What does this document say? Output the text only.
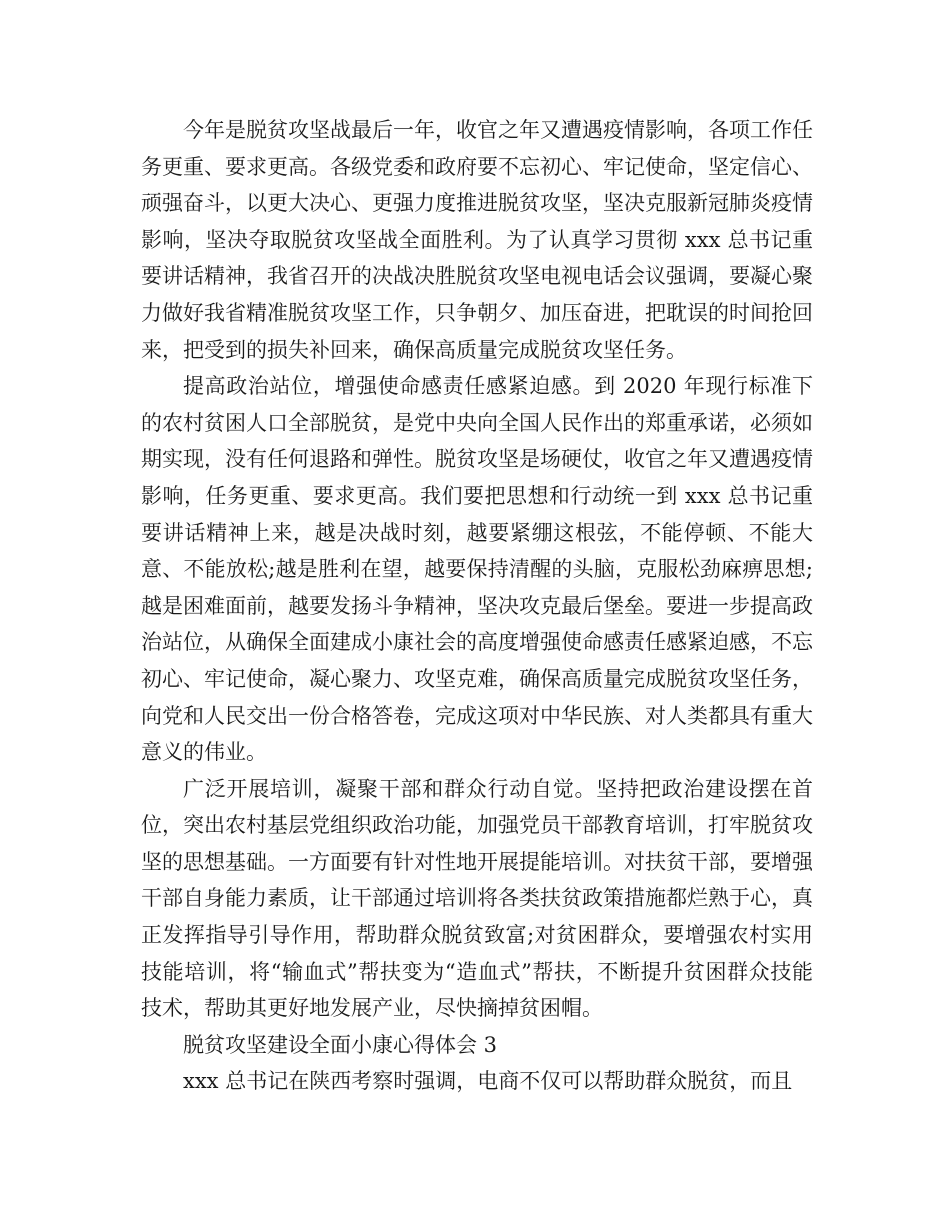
今年是脱贫攻坚战最后一年，收官之年又遭遇疫情影响，各项工作任务更重、要求更高。各级党委和政府要不忘初心、牢记使命，坚定信心、顽强奋斗，以更大决心、更强力度推进脱贫攻坚，坚决克服新冠肺炎疫情影响，坚决夺取脱贫攻坚战全面胜利。为了认真学习贯彻 xxx 总书记重要讲话精神，我省召开的决战决胜脱贫攻坚电视电话会议强调，要凝心聚力做好我省精准脱贫攻坚工作，只争朝夕、加压奋进，把耽误的时间抢回来，把受到的损失补回来，确保高质量完成脱贫攻坚任务。

提高政治站位，增强使命感责任感紧迫感。到 2020 年现行标准下的农村贫困人口全部脱贫，是党中央向全国人民作出的郑重承诺，必须如期实现，没有任何退路和弹性。脱贫攻坚是场硬仗，收官之年又遭遇疫情影响，任务更重、要求更高。我们要把思想和行动统一到 xxx 总书记重要讲话精神上来，越是决战时刻，越要紧绷这根弦，不能停顿、不能大意、不能放松;越是胜利在望，越要保持清醒的头脑，克服松劲麻痹思想;越是困难面前，越要发扬斗争精神，坚决攻克最后堡垒。要进一步提高政治站位，从确保全面建成小康社会的高度增强使命感责任感紧迫感，不忘初心、牢记使命，凝心聚力、攻坚克难，确保高质量完成脱贫攻坚任务，向党和人民交出一份合格答卷，完成这项对中华民族、对人类都具有重大意义的伟业。

广泛开展培训，凝聚干部和群众行动自觉。坚持把政治建设摆在首位，突出农村基层党组织政治功能，加强党员干部教育培训，打牢脱贫攻坚的思想基础。一方面要有针对性地开展提能培训。对扶贫干部，要增强干部自身能力素质，让干部通过培训将各类扶贫政策措施都烂熟于心，真正发挥指导引导作用，帮助群众脱贫致富;对贫困群众，要增强农村实用技能培训，将“输血式”帮扶变为“造血式”帮扶，不断提升贫困群众技能技术，帮助其更好地发展产业，尽快摘掉贫困帽。

脱贫攻坚建设全面小康心得体会 3

xxx 总书记在陕西考察时强调，电商不仅可以帮助群众脱贫，而且
